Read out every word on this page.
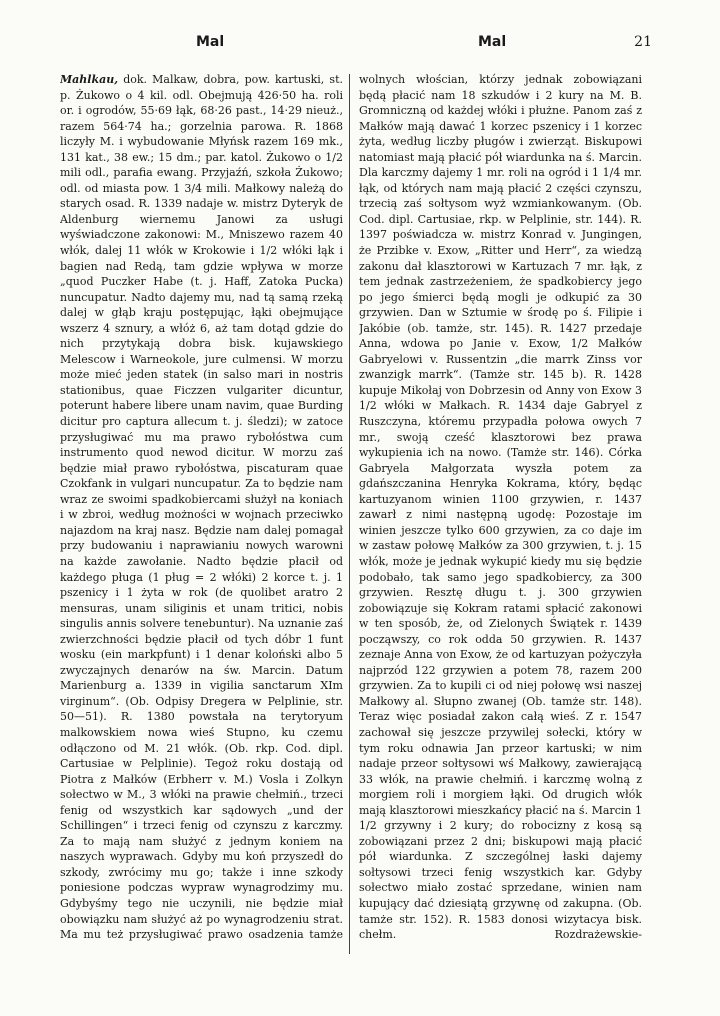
Mal	Mal	21

Mahlkau, dok. Malkaw, dobra, pow. kartuski, st. p. Żukowo o 4 kil. odl. Obejmują 426·50 ha. roli or. i ogrodów, 55·69 łąk, 68·26 past., 14·29 nieuż., razem 564·74 ha.; gorzelnia parowa. R. 1868 liczyły M. i wybudowanie Młyńsk razem 169 mk., 131 kat., 38 ew.; 15 dm.; par. katol. Żukowo o 1/2 mili odl., parafia ewang. Przyjaźń, szkoła Żukowo; odl. od miasta pow. 1 3/4 mili. Małkowy należą do starych osad. R. 1339 nadaje w. mistrz Dyteryk de Aldenburg wiernemu Janowi za usługi wyświadczone zakonowi: M., Mniszewo razem 40 włók, dalej 11 włók w Krokowie i 1/2 włóki łąk i bagien nad Redą, tam gdzie wpływa w morze „quod Puczker Habe (t. j. Haff, Zatoka Pucka) nuncupatur. Nadto dajemy mu, nad tą samą rzeką dalej w głąb kraju postępując, łąki obejmujące wszerz 4 sznury, a włóż 6, aż tam dotąd gdzie do nich przytykają dobra bisk. kujawskiego Melescow i Warneokole, jure culmensi. W morzu może mieć jeden statek (in salso mari in nostris stationibus, quae Ficzzen vulgariter dicuntur, poterunt habere libere unam navim, quae Burding dicitur pro captura allecum t. j. śledzi); w zatoce przysługiwać mu ma prawo rybołóstwa cum instrumento quod newod dicitur. W morzu zaś będzie miał prawo rybołóstwa, piscaturam quae Czokfank in vulgari nuncupatur. Za to będzie nam wraz ze swoimi spadkobiercami służył na koniach i w zbroi, według możności w wojnach przeciwko najazdom na kraj nasz. Będzie nam dalej pomagał przy budowaniu i naprawianiu nowych warowni na każde zawołanie. Nadto będzie płacił od każdego pługa (1 pług = 2 włóki) 2 korce t. j. 1 pszenicy i 1 żyta w rok (de quolibet aratro 2 mensuras, unam siliginis et unam tritici, nobis singulis annis solvere tenebuntur). Na uznanie zaś zwierzchności będzie płacił od tych dóbr 1 funt wosku (ein markpfunt) i 1 denar koloński albo 5 zwyczajnych denarów na św. Marcin. Datum Marienburg a. 1339 in vigilia sanctarum XIm virginum“. (Ob. Odpisy Dregera w Pelplinie, str. 50—51). R. 1380 powstała na terytoryum malkowskiem nowa wieś Stupno, ku czemu odłączono od M. 21 włók. (Ob. rkp. Cod. dipl. Cartusiae w Pelplinie). Tegoż roku dostają od Piotra z Małków (Erbherr v. M.) Vosla i Zolkyn sołectwo w M., 3 włóki na prawie chełmiń., trzeci fenig od wszystkich kar sądowych „und der Schillingen“ i trzeci fenig od czynszu z karczmy. Za to mają nam służyć z jednym koniem na naszych wyprawach. Gdyby mu koń przyszedł do szkody, zwrócimy mu go; także i inne szkody poniesione podczas wypraw wynagrodzimy mu. Gdybyśmy tego nie uczynili, nie będzie miał obowiązku nam służyć aż po wynagrodzeniu strat. Ma mu też przysługiwać prawo osadzenia tamże

wolnych włościan, którzy jednak zobowiązani będą płacić nam 18 szkudów i 2 kury na M. B. Gromniczną od każdej włóki i płużne. Panom zaś z Małków mają dawać 1 korzec pszenicy i 1 korzec żyta, według liczby pługów i zwierząt. Biskupowi natomiast mają płacić pół wiardunka na ś. Marcin. Dla karczmy dajemy 1 mr. roli na ogród i 1 1/4 mr. łąk, od których nam mają płacić 2 części czynszu, trzecią zaś sołtysom wyż wzmiankowanym. (Ob. Cod. dipl. Cartusiae, rkp. w Pelplinie, str. 144). R. 1397 poświadcza w. mistrz Konrad v. Jungingen, że Przibke v. Exow, „Ritter und Herr“, za wiedzą zakonu dał klasztorowi w Kartuzach 7 mr. łąk, z tem jednak zastrzeżeniem, że spadkobiercy jego po jego śmierci będą mogli je odkupić za 30 grzywien. Dan w Sztumie w środę po ś. Filipie i Jakóbie (ob. tamże, str. 145). R. 1427 przedaje Anna, wdowa po Janie v. Exow, 1/2 Małków Gabryelowi v. Russentzin „die marrk Zinss vor zwanzigk marrk“. (Tamże str. 145 b). R. 1428 kupuje Mikołaj von Dobrzesin od Anny von Exow 3 1/2 włóki w Małkach. R. 1434 daje Gabryel z Ruszczyna, któremu przypadła połowa owych 7 mr., swoją cześć klasztorowi bez prawa wykupienia ich na nowo. (Tamże str. 146). Córka Gabryela Małgorzata wyszła potem za gdańszczanina Henryka Kokrama, który, będąc kartuzyanom winien 1100 grzywien, r. 1437 zawarł z nimi następną ugodę: Pozostaje im winien jeszcze tylko 600 grzywien, za co daje im w zastaw połowę Małków za 300 grzywien, t. j. 15 włók, może je jednak wykupić kiedy mu się będzie podobało, tak samo jego spadkobiercy, za 300 grzywien. Resztę długu t. j. 300 grzywien zobowiązuje się Kokram ratami spłacić zakonowi w ten sposób, że, od Zielonych Świątek r. 1439 począwszy, co rok odda 50 grzywien. R. 1437 zeznaje Anna von Exow, że od kartuzyan pożyczyła najprzód 122 grzywien a potem 78, razem 200 grzywien. Za to kupili ci od niej połowę wsi naszej Małkowy al. Słupno zwanej (Ob. tamże str. 148). Teraz więc posiadał zakon całą wieś. Z r. 1547 zachował się jeszcze przywilej sołecki, który w tym roku odnawia Jan przeor kartuski; w nim nadaje przeor sołtysowi wś Małkowy, zawierającą 33 włók, na prawie chełmiń. i karczmę wolną z morgiem roli i morgiem łąki. Od drugich włók mają klasztorowi mieszkańcy płacić na ś. Marcin 1 1/2 grzywny i 2 kury; do robocizny z kosą są zobowiązani przez 2 dni; biskupowi mają płacić pół wiardunka. Z szczególnej łaski dajemy sołtysowi trzeci fenig wszystkich kar. Gdyby sołectwo miało zostać sprzedane, winien nam kupujący dać dziesiątą grzywnę od zakupna. (Ob. tamże str. 152). R. 1583 donosi wizytacya bisk. chełm. Rozdrażewskie-
